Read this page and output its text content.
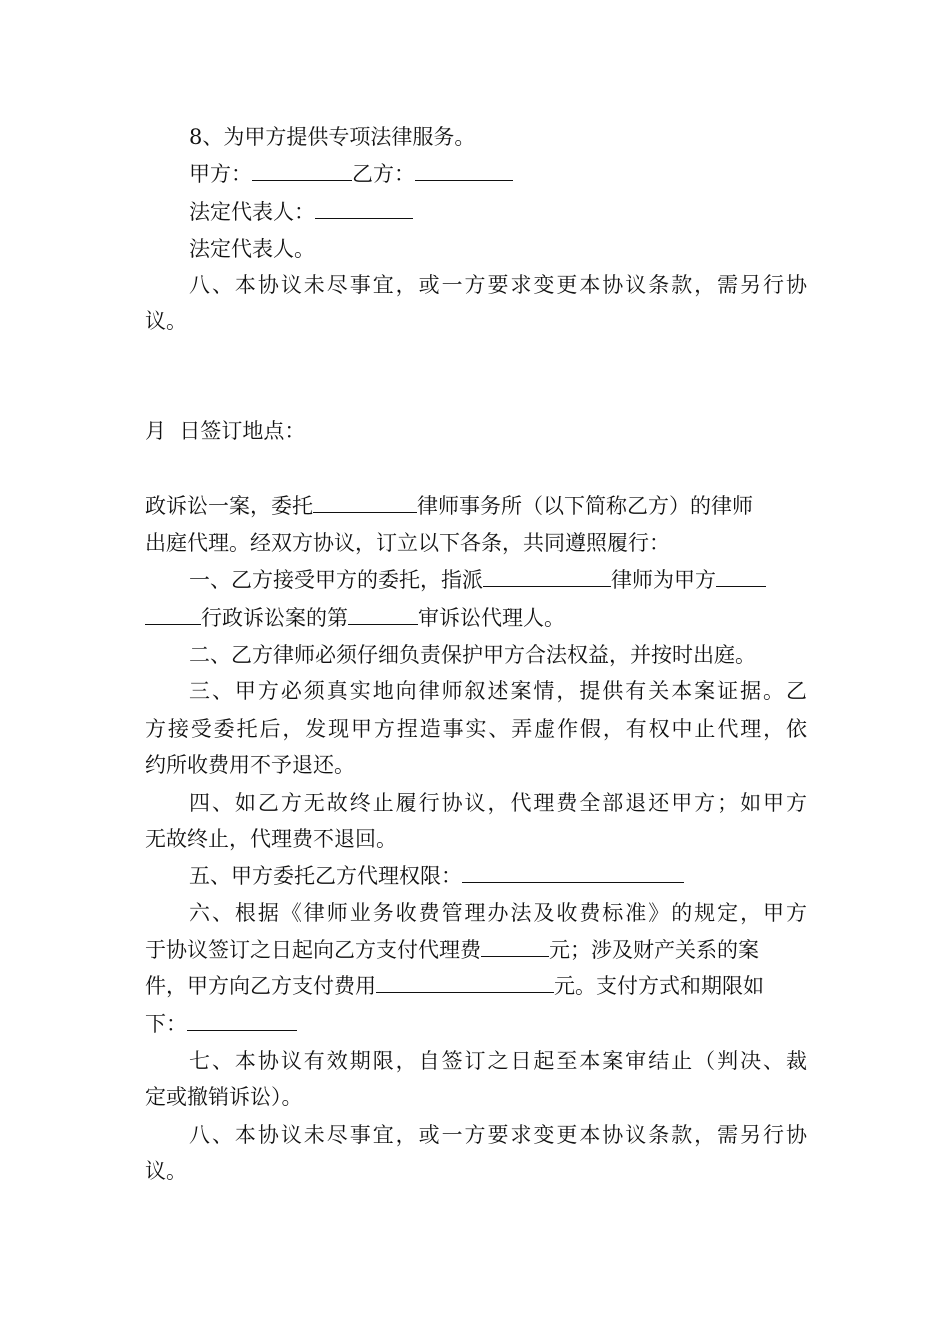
8、为甲方提供专项法律服务。
甲方：	乙方：
法定代表人：
法定代表人。
八、本协议未尽事宜，或一方要求变更本协议条款，需另行协
议。
月  日签订地点：
政诉讼一案，委托	律师事务所（以下简称乙方）的律师
出庭代理。经双方协议，订立以下各条，共同遵照履行：
一、乙方接受甲方的委托，指派	律师为甲方
行政诉讼案的第	审诉讼代理人。
二、乙方律师必须仔细负责保护甲方合法权益，并按时出庭。
三、甲方必须真实地向律师叙述案情，提供有关本案证据。乙
方接受委托后，发现甲方捏造事实、弄虚作假，有权中止代理，依
约所收费用不予退还。
四、如乙方无故终止履行协议，代理费全部退还甲方；如甲方
无故终止，代理费不退回。
五、甲方委托乙方代理权限：
六、根据《律师业务收费管理办法及收费标准》的规定，甲方
于协议签订之日起向乙方支付代理费	元；涉及财产关系的案
件，甲方向乙方支付费用	元。支付方式和期限如
下：
七、本协议有效期限，自签订之日起至本案审结止（判决、裁
定或撤销诉讼）。
八、本协议未尽事宜，或一方要求变更本协议条款，需另行协
议。
